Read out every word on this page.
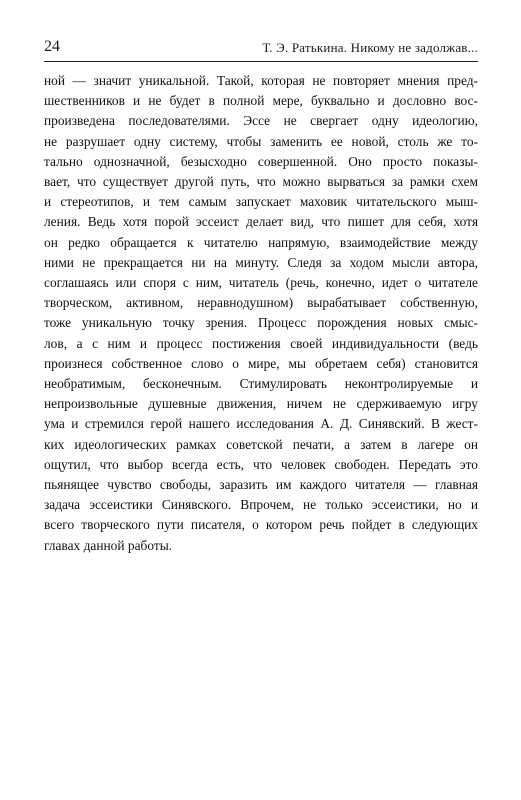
24	Т. Э. Ратькина. Никому не задолжав...
ной — значит уникальной. Такой, которая не повторяет мнения пред-
шественников и не будет в полной мере, буквально и дословно вос-
произведена последователями. Эссе не свергает одну идеологию,
не разрушает одну систему, чтобы заменить ее новой, столь же то-
тально однозначной, безысходно совершенной. Оно просто показы-
вает, что существует другой путь, что можно вырваться за рамки схем
и стереотипов, и тем самым запускает маховик читательского мыш-
ления. Ведь хотя порой эссеист делает вид, что пишет для себя, хотя
он редко обращается к читателю напрямую, взаимодействие между
ними не прекращается ни на минуту. Следя за ходом мысли автора,
соглашаясь или споря с ним, читатель (речь, конечно, идет о читателе
творческом, активном, неравнодушном) вырабатывает собственную,
тоже уникальную точку зрения. Процесс порождения новых смыс-
лов, а с ним и процесс постижения своей индивидуальности (ведь
произнеся собственное слово о мире, мы обретаем себя) становится
необратимым, бесконечным. Стимулировать неконтролируемые и
непроизвольные душевные движения, ничем не сдерживаемую игру
ума и стремился герой нашего исследования А. Д. Синявский. В жест-
ких идеологических рамках советской печати, а затем в лагере он
ощутил, что выбор всегда есть, что человек свободен. Передать это
пьянящее чувство свободы, заразить им каждого читателя — главная
задача эссеистики Синявского. Впрочем, не только эссеистики, но и
всего творческого пути писателя, о котором речь пойдет в следующих
главах данной работы.
